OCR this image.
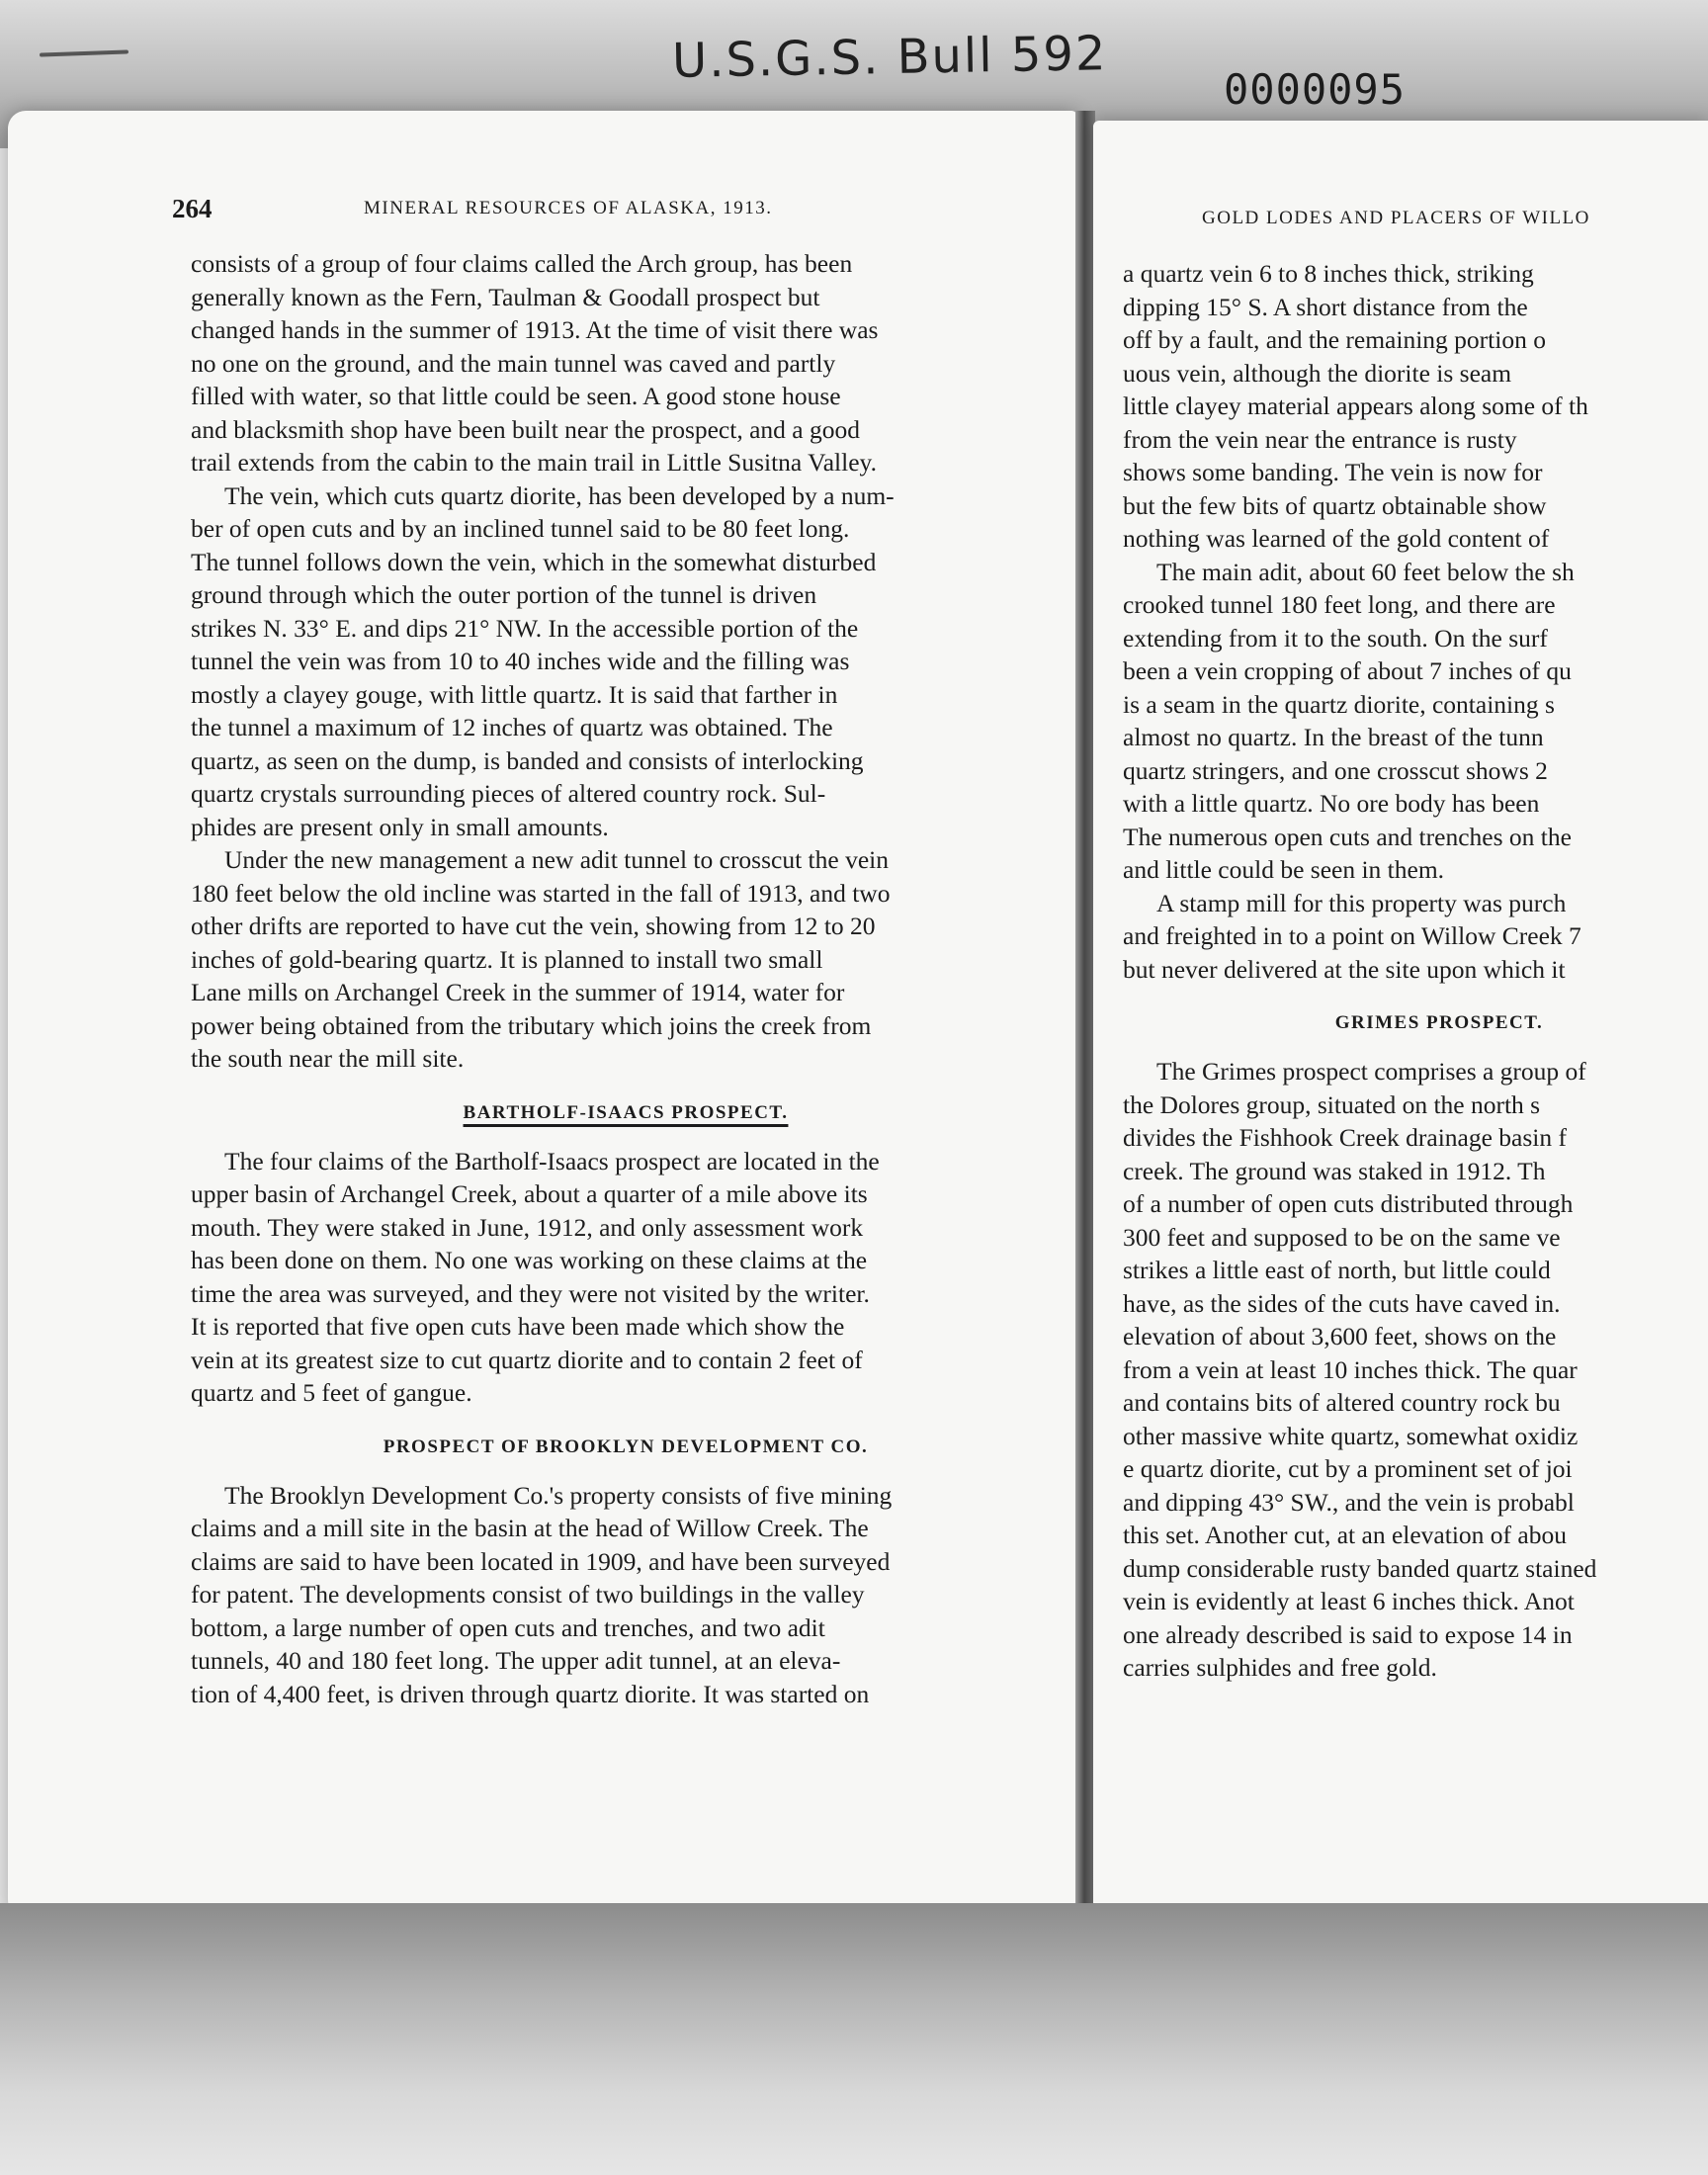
U.S.G.S. Bull 592
0000095
264	MINERAL RESOURCES OF ALASKA, 1913.
consists of a group of four claims called the Arch group, has been
generally known as the Fern, Taulman & Goodall prospect but
changed hands in the summer of 1913. At the time of visit there was
no one on the ground, and the main tunnel was caved and partly
filled with water, so that little could be seen. A good stone house
and blacksmith shop have been built near the prospect, and a good
trail extends from the cabin to the main trail in Little Susitna Valley.
The vein, which cuts quartz diorite, has been developed by a num-
ber of open cuts and by an inclined tunnel said to be 80 feet long.
The tunnel follows down the vein, which in the somewhat disturbed
ground through which the outer portion of the tunnel is driven
strikes N. 33° E. and dips 21° NW. In the accessible portion of the
tunnel the vein was from 10 to 40 inches wide and the filling was
mostly a clayey gouge, with little quartz. It is said that farther in
the tunnel a maximum of 12 inches of quartz was obtained. The
quartz, as seen on the dump, is banded and consists of interlocking
quartz crystals surrounding pieces of altered country rock. Sul-
phides are present only in small amounts.
Under the new management a new adit tunnel to crosscut the vein
180 feet below the old incline was started in the fall of 1913, and two
other drifts are reported to have cut the vein, showing from 12 to 20
inches of gold-bearing quartz. It is planned to install two small
Lane mills on Archangel Creek in the summer of 1914, water for
power being obtained from the tributary which joins the creek from
the south near the mill site.
BARTHOLF-ISAACS PROSPECT.
The four claims of the Bartholf-Isaacs prospect are located in the
upper basin of Archangel Creek, about a quarter of a mile above its
mouth. They were staked in June, 1912, and only assessment work
has been done on them. No one was working on these claims at the
time the area was surveyed, and they were not visited by the writer.
It is reported that five open cuts have been made which show the
vein at its greatest size to cut quartz diorite and to contain 2 feet of
quartz and 5 feet of gangue.
PROSPECT OF BROOKLYN DEVELOPMENT CO.
The Brooklyn Development Co.'s property consists of five mining
claims and a mill site in the basin at the head of Willow Creek. The
claims are said to have been located in 1909, and have been surveyed
for patent. The developments consist of two buildings in the valley
bottom, a large number of open cuts and trenches, and two adit
tunnels, 40 and 180 feet long. The upper adit tunnel, at an eleva-
tion of 4,400 feet, is driven through quartz diorite. It was started on
GOLD LODES AND PLACERS OF WILLO
a quartz vein 6 to 8 inches thick, striking
dipping 15° S. A short distance from the
off by a fault, and the remaining portion o
uous vein, although the diorite is seam
little clayey material appears along some of th
from the vein near the entrance is rusty
shows some banding. The vein is now for
but the few bits of quartz obtainable show
nothing was learned of the gold content of
The main adit, about 60 feet below the sh
crooked tunnel 180 feet long, and there are
extending from it to the south. On the surf
been a vein cropping of about 7 inches of qu
is a seam in the quartz diorite, containing s
almost no quartz. In the breast of the tunn
quartz stringers, and one crosscut shows 2
with a little quartz. No ore body has been
The numerous open cuts and trenches on the
and little could be seen in them.
A stamp mill for this property was purch
and freighted in to a point on Willow Creek 7
but never delivered at the site upon which it
GRIMES PROSPECT.
The Grimes prospect comprises a group of
the Dolores group, situated on the north s
divides the Fishhook Creek drainage basin f
creek. The ground was staked in 1912. Th
of a number of open cuts distributed through
300 feet and supposed to be on the same ve
strikes a little east of north, but little could
have, as the sides of the cuts have caved in.
elevation of about 3,600 feet, shows on the
from a vein at least 10 inches thick. The quar
and contains bits of altered country rock bu
other massive white quartz, somewhat oxidiz
e quartz diorite, cut by a prominent set of joi
and dipping 43° SW., and the vein is probabl
this set. Another cut, at an elevation of abou
dump considerable rusty banded quartz stained
vein is evidently at least 6 inches thick. Anot
one already described is said to expose 14 in
carries sulphides and free gold.
